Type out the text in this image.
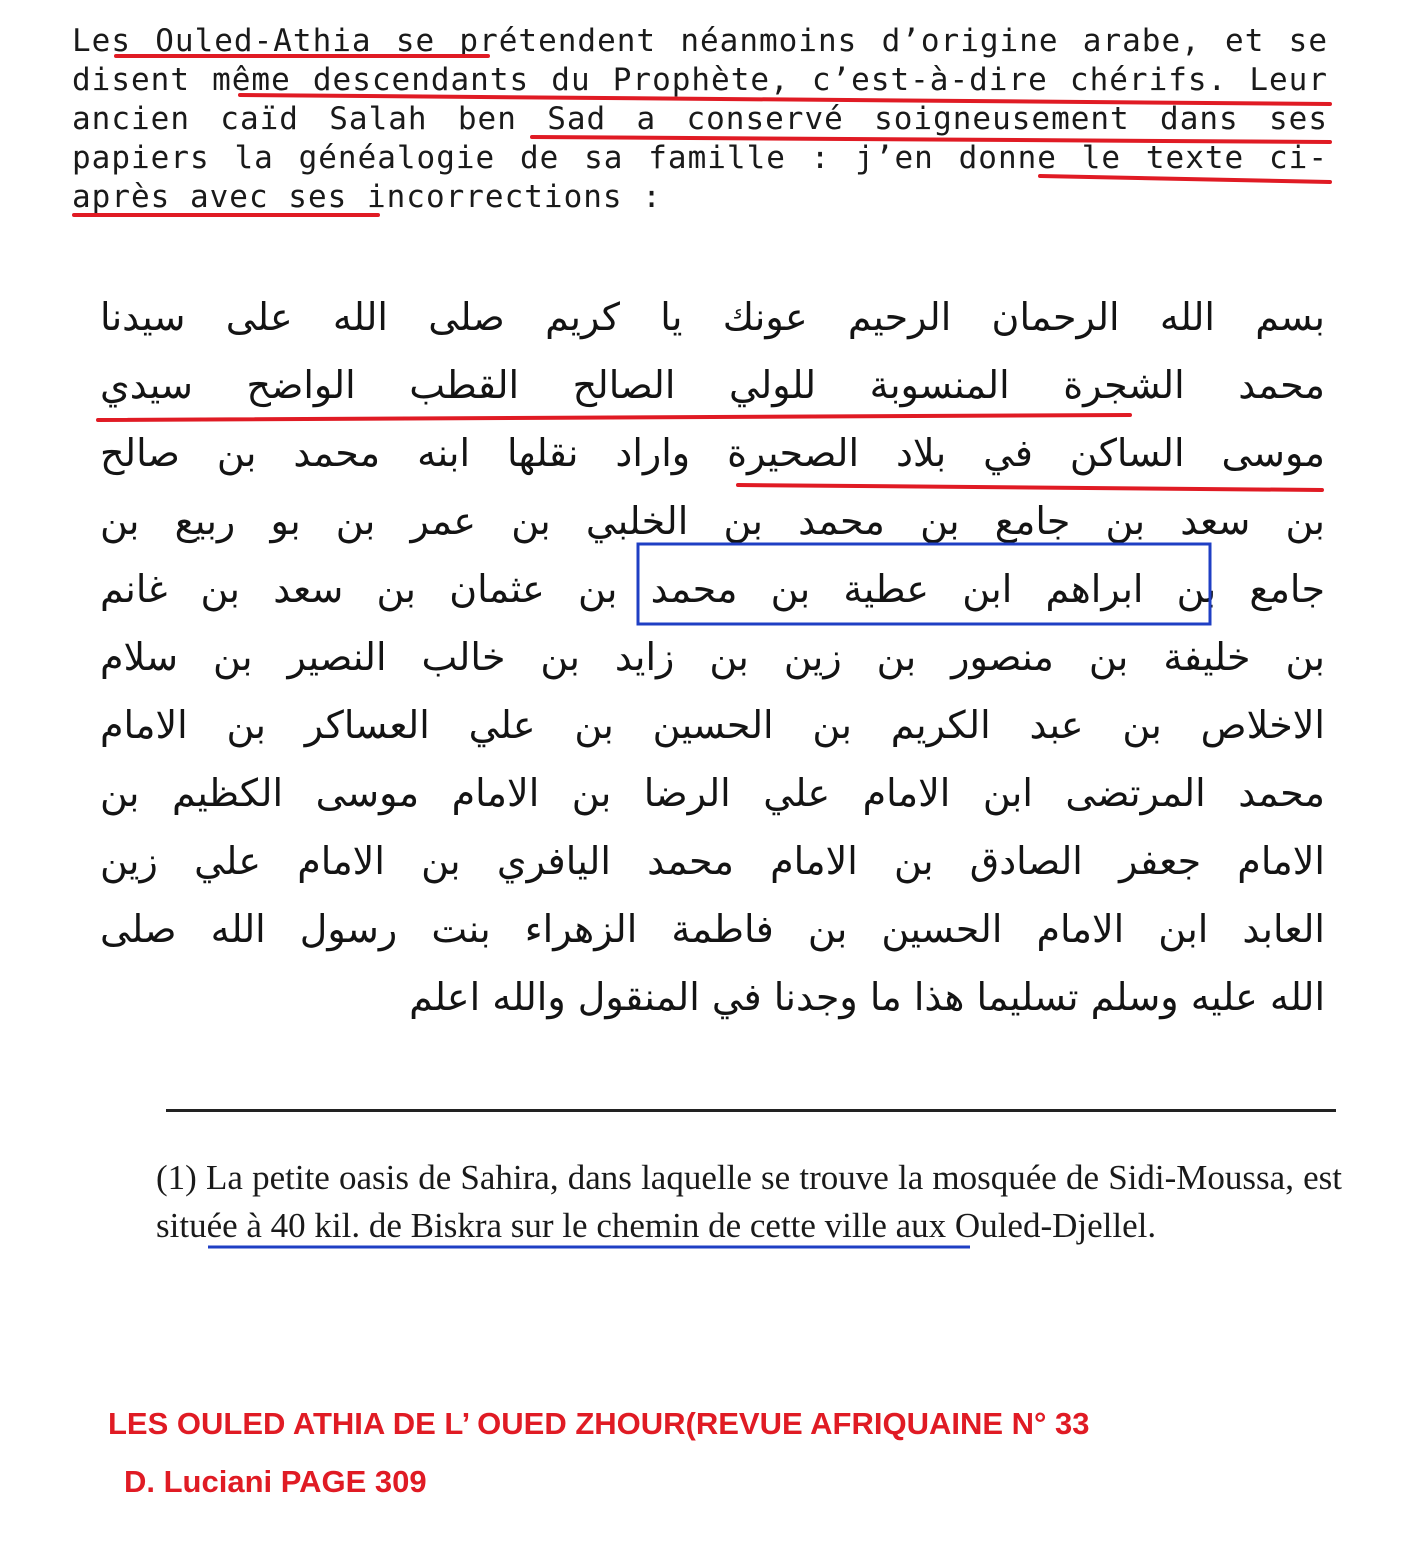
Les Ouled-Athia se prétendent néanmoins d’origine arabe, et se disent même descendants du Prophète, c’est-à-dire chérifs. Leur ancien caïd Salah ben Sad a conservé soigneusement dans ses papiers la généalogie de sa famille : j’en donne le texte ci-après avec ses incorrections :

بسم الله الرحمان الرحيم عونك يا كريم صلى الله على سيدنا
محمد الشجرة المنسوبة للولي الصالح القطب الواضح سيدي
موسى الساكن في بلاد الصحيرة واراد نقلها ابنه محمد بن صالح
بن سعد بن جامع بن محمد بن الخلبي بن عمر بن بو ربيع بن
جامع بن ابراهم ابن عطية بن محمد بن عثمان بن سعد بن غانم
بن خليفة بن منصور بن زين بن زايد بن خالب النصير بن سلام
الاخلاص بن عبد الكريم بن الحسين بن علي العساكر بن الامام
محمد المرتضى ابن الامام علي الرضا بن الامام موسى الكظيم بن
الامام جعفر الصادق بن الامام محمد اليافري بن الامام علي زين
العابد ابن الامام الحسين بن فاطمة الزهراء بنت رسول الله صلى
الله عليه وسلم تسليما هذا ما وجدنا في المنقول والله اعلم

(1) La petite oasis de Sahira, dans laquelle se trouve la mosquée de Sidi-Moussa, est située à 40 kil. de Biskra sur le chemin de cette ville aux Ouled-Djellel.

LES OULED ATHIA DE L’ OUED ZHOUR(REVUE AFRIQUAINE N° 33

D. Luciani PAGE 309
